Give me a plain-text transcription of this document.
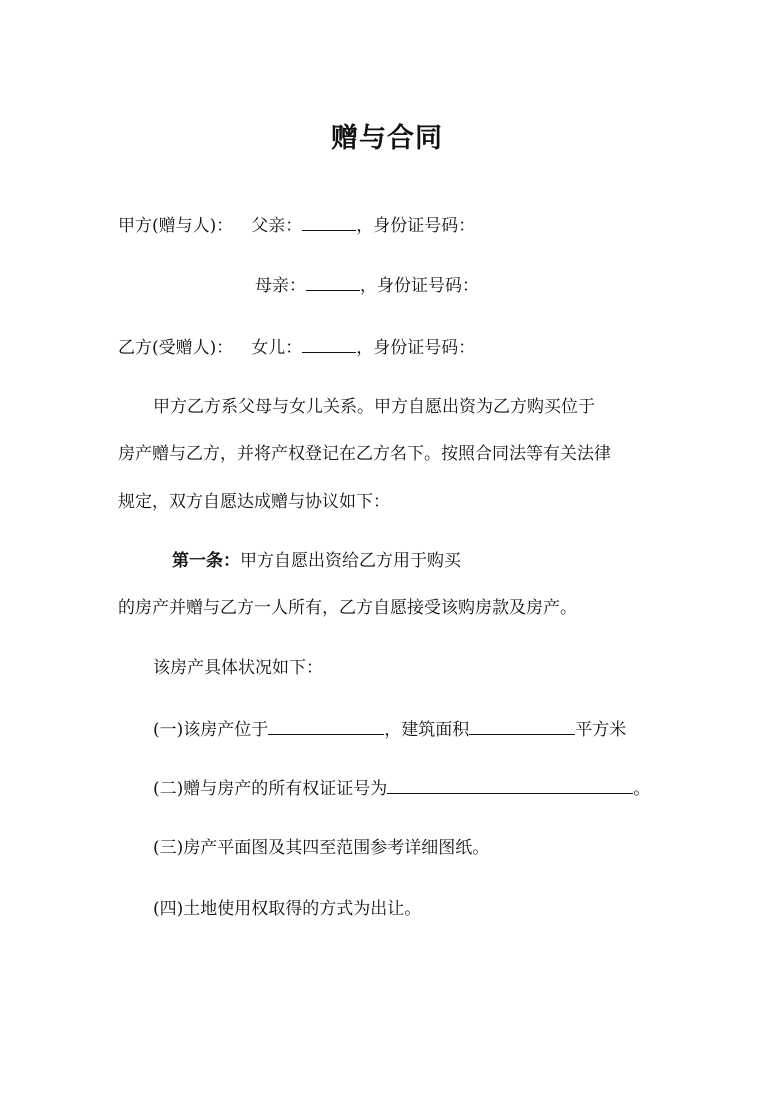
赠与合同
甲方(赠与人)： 父亲：	，身份证号码：
母亲：	，身份证号码：
乙方(受赠人)： 女儿：	，身份证号码：
甲方乙方系父母与女儿关系。甲方自愿出资为乙方购买位于
房产赠与乙方，并将产权登记在乙方名下。按照合同法等有关法律
规定，双方自愿达成赠与协议如下：
第一条：甲方自愿出资给乙方用于购买
的房产并赠与乙方一人所有，乙方自愿接受该购房款及房产。
该房产具体状况如下：
(一)该房产位于	，建筑面积	平方米
(二)赠与房产的所有权证证号为	。
(三)房产平面图及其四至范围参考详细图纸。
(四)土地使用权取得的方式为出让。
